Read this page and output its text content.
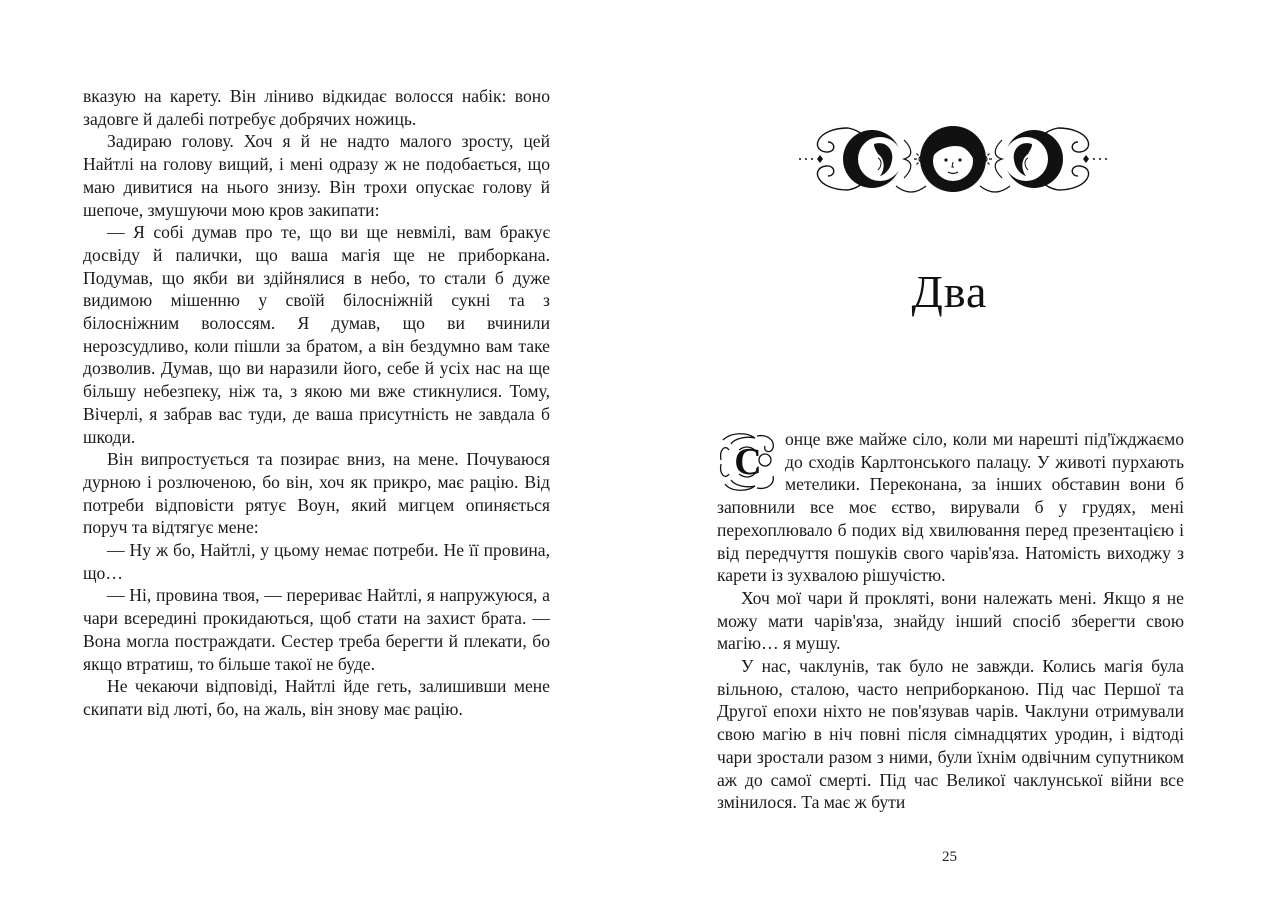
вказую на карету. Він ліниво відкидає волосся набік: воно задовге й далебі потребує добрячих ножиць.

Задираю голову. Хоч я й не надто малого зросту, цей Найтлі на голову вищий, і мені одразу ж не подобається, що маю дивитися на нього знизу. Він трохи опускає голову й шепоче, змушуючи мою кров закипати:

— Я собі думав про те, що ви ще невмілі, вам бракує досвіду й палички, що ваша магія ще не приборкана. Подумав, що якби ви здійнялися в небо, то стали б дуже видимою мішенню у своїй білосніжній сукні та з білосніжним волоссям. Я думав, що ви вчинили нерозсудливо, коли пішли за братом, а він бездумно вам таке дозволив. Думав, що ви наразили його, себе й усіх нас на ще більшу небезпеку, ніж та, з якою ми вже стикнулися. Тому, Вічерлі, я забрав вас туди, де ваша присутність не завдала б шкоди.

Він випростується та позирає вниз, на мене. Почуваюся дурною і розлюченою, бо він, хоч як прикро, має рацію. Від потреби відповісти рятує Воун, який мигцем опиняється поруч та відтягує мене:

— Ну ж бо, Найтлі, у цьому немає потреби. Не її провина, що…

— Ні, провина твоя, — перериває Найтлі, я напружуюся, а чари всередині прокидаються, щоб стати на захист брата. — Вона могла постраждати. Сестер треба берегти й плекати, бо якщо втратиш, то більше такої не буде.

Не чекаючи відповіді, Найтлі йде геть, залишивши мене скипати від люті, бо, на жаль, він знову має рацію.

Два

С
онце вже майже сіло, коли ми нарешті під'їжджаємо до сходів Карлтонського палацу. У животі пурхають метелики. Переконана, за інших обставин вони б заповнили все моє єство, вирували б у грудях, мені перехоплювало б подих від хвилювання перед презентацією і від передчуття пошуків свого чарів'яза. Натомість виходжу з карети із зухвалою рішучістю.

Хоч мої чари й прокляті, вони належать мені. Якщо я не можу мати чарів'яза, знайду інший спосіб зберегти свою магію… я мушу.

У нас, чаклунів, так було не завжди. Колись магія була вільною, сталою, часто неприборканою. Під час Першої та Другої епохи ніхто не пов'язував чарів. Чаклуни отримували свою магію в ніч повні після сімнадцятих уродин, і відтоді чари зростали разом з ними, були їхнім одвічним супутником аж до самої смерті. Під час Великої чаклунської війни все змінилося. Та має ж бути

25
